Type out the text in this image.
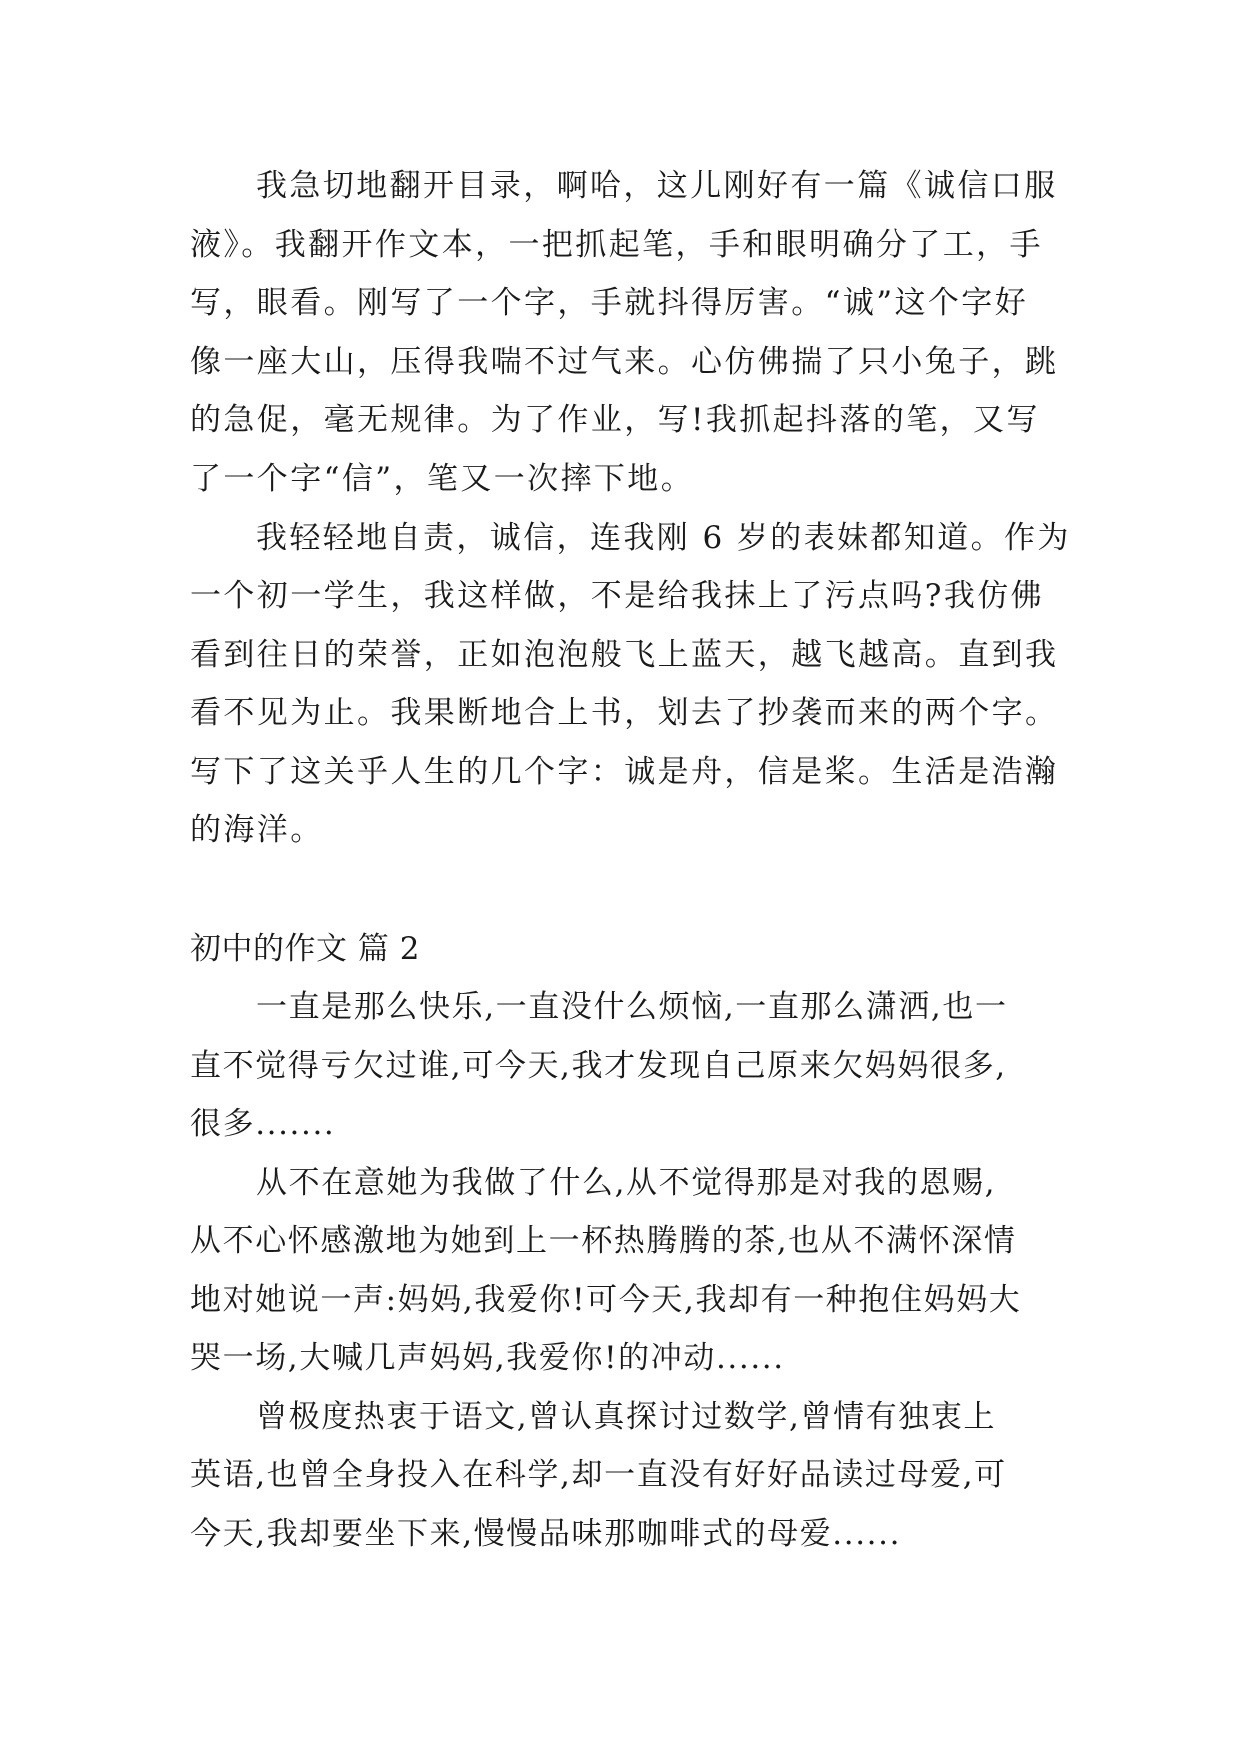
我急切地翻开目录，啊哈，这儿刚好有一篇《诚信口服

液》。我翻开作文本，一把抓起笔，手和眼明确分了工，手

写，眼看。刚写了一个字，手就抖得厉害。“诚”这个字好

像一座大山，压得我喘不过气来。心仿佛揣了只小兔子，跳

的急促，毫无规律。为了作业，写!我抓起抖落的笔，又写

了一个字“信”，笔又一次摔下地。

我轻轻地自责，诚信，连我刚 6 岁的表妹都知道。作为

一个初一学生，我这样做，不是给我抹上了污点吗?我仿佛

看到往日的荣誉，正如泡泡般飞上蓝天，越飞越高。直到我

看不见为止。我果断地合上书，划去了抄袭而来的两个字。

写下了这关乎人生的几个字：诚是舟，信是桨。生活是浩瀚

的海洋。

初中的作文 篇 2

一直是那么快乐,一直没什么烦恼,一直那么潇洒,也一

直不觉得亏欠过谁,可今天,我才发现自己原来欠妈妈很多,

很多.......

从不在意她为我做了什么,从不觉得那是对我的恩赐,

从不心怀感激地为她到上一杯热腾腾的茶,也从不满怀深情

地对她说一声:妈妈,我爱你!可今天,我却有一种抱住妈妈大

哭一场,大喊几声妈妈,我爱你!的冲动......

曾极度热衷于语文,曾认真探讨过数学,曾情有独衷上

英语,也曾全身投入在科学,却一直没有好好品读过母爱,可

今天,我却要坐下来,慢慢品味那咖啡式的母爱......
